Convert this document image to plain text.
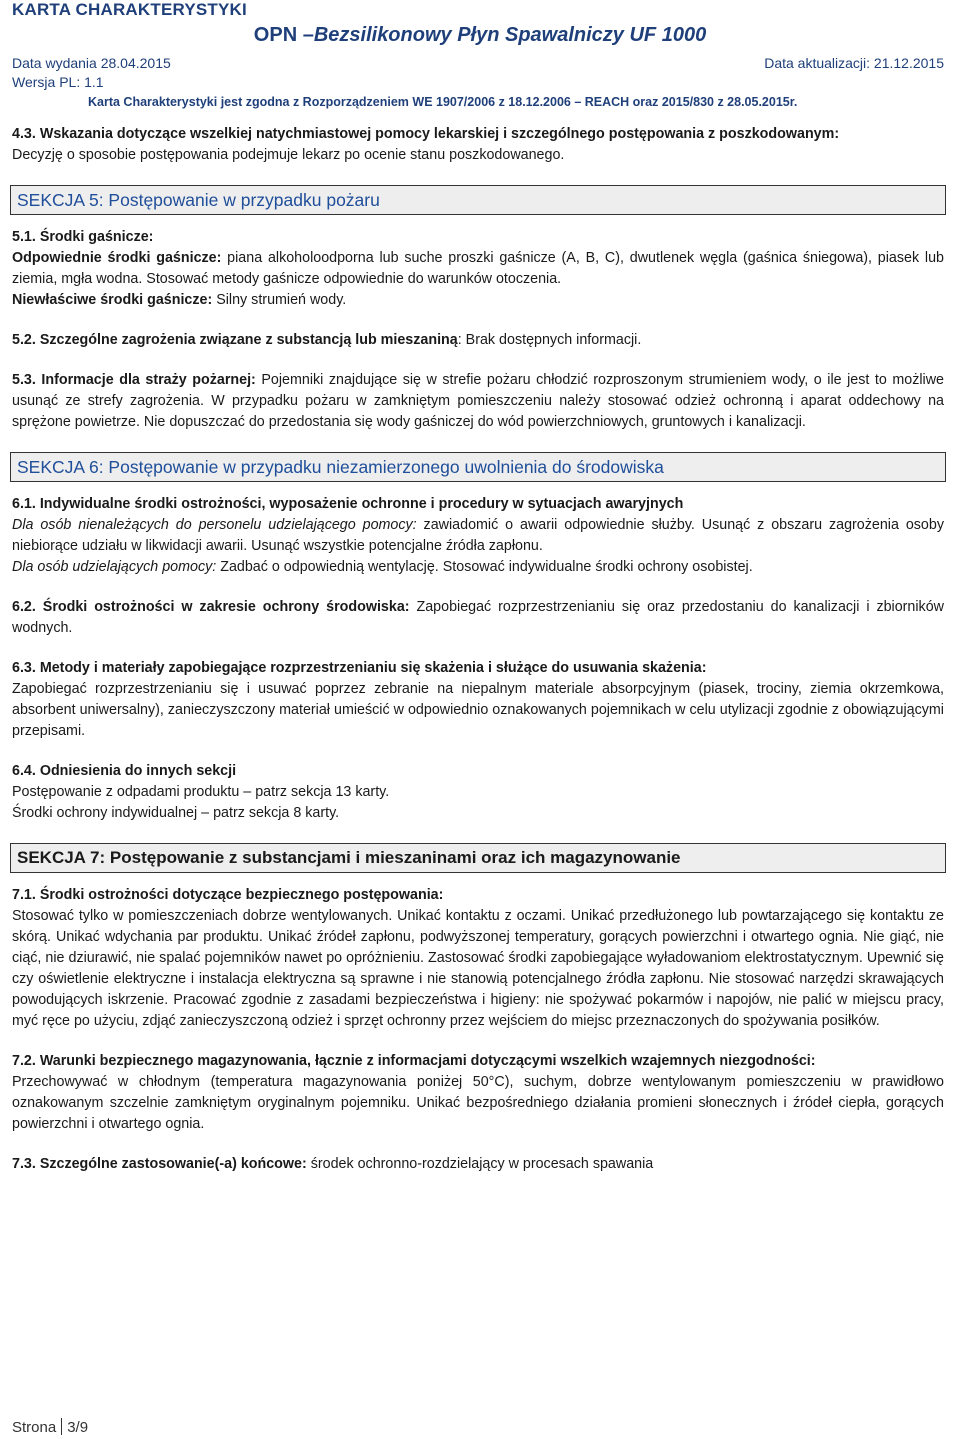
KARTA CHARAKTERYSTYKI
OPN –Bezsilikonowy Płyn Spawalniczy UF 1000
Data wydania 28.04.2015	Data aktualizacji: 21.12.2015
Wersja PL: 1.1
Karta Charakterystyki jest zgodna z Rozporządzeniem WE 1907/2006 z 18.12.2006 – REACH oraz 2015/830 z 28.05.2015r.

4.3. Wskazania dotyczące wszelkiej natychmiastowej pomocy lekarskiej i szczególnego postępowania z poszkodowanym:

Decyzję o sposobie postępowania podejmuje lekarz po ocenie stanu poszkodowanego.

SEKCJA 5: Postępowanie w przypadku pożaru

5.1. Środki gaśnicze:

Odpowiednie środki gaśnicze: piana alkoholoodporna lub suche proszki gaśnicze (A, B, C), dwutlenek węgla (gaśnica śniegowa), piasek lub ziemia, mgła wodna. Stosować metody gaśnicze odpowiednie do warunków otoczenia.

Niewłaściwe środki gaśnicze: Silny strumień wody.

5.2. Szczególne zagrożenia związane z substancją lub mieszaniną: Brak dostępnych informacji.

5.3. Informacje dla straży pożarnej: Pojemniki znajdujące się w strefie pożaru chłodzić rozproszonym strumieniem wody, o ile jest to możliwe usunąć ze strefy zagrożenia. W przypadku pożaru w zamkniętym pomieszczeniu należy stosować odzież ochronną i aparat oddechowy na sprężone powietrze. Nie dopuszczać do przedostania się wody gaśniczej do wód powierzchniowych, gruntowych i kanalizacji.

SEKCJA 6: Postępowanie w przypadku niezamierzonego uwolnienia do środowiska

6.1. Indywidualne środki ostrożności, wyposażenie ochronne i procedury w sytuacjach awaryjnych

Dla osób nienależących do personelu udzielającego pomocy: zawiadomić o awarii odpowiednie służby. Usunąć z obszaru zagrożenia osoby niebiorące udziału w likwidacji awarii. Usunąć wszystkie potencjalne źródła zapłonu.

Dla osób udzielających pomocy: Zadbać o odpowiednią wentylację. Stosować indywidualne środki ochrony osobistej.

6.2. Środki ostrożności w zakresie ochrony środowiska: Zapobiegać rozprzestrzenianiu się oraz przedostaniu do kanalizacji i zbiorników wodnych.

6.3. Metody i materiały zapobiegające rozprzestrzenianiu się skażenia i służące do usuwania skażenia:

Zapobiegać rozprzestrzenianiu się i usuwać poprzez zebranie na niepalnym materiale absorpcyjnym (piasek, trociny, ziemia okrzemkowa, absorbent uniwersalny), zanieczyszczony materiał umieścić w odpowiednio oznakowanych pojemnikach w celu utylizacji zgodnie z obowiązującymi przepisami.

6.4. Odniesienia do innych sekcji

Postępowanie z odpadami produktu – patrz sekcja 13 karty.

Środki ochrony indywidualnej – patrz sekcja 8 karty.

SEKCJA 7: Postępowanie z substancjami i mieszaninami oraz ich magazynowanie

7.1. Środki ostrożności dotyczące bezpiecznego postępowania:

Stosować tylko w pomieszczeniach dobrze wentylowanych. Unikać kontaktu z oczami. Unikać przedłużonego lub powtarzającego się kontaktu ze skórą. Unikać wdychania par produktu. Unikać źródeł zapłonu, podwyższonej temperatury, gorących powierzchni i otwartego ognia. Nie giąć, nie ciąć, nie dziurawić, nie spalać pojemników nawet po opróżnieniu. Zastosować środki zapobiegające wyładowaniom elektrostatycznym. Upewnić się czy oświetlenie elektryczne i instalacja elektryczna są sprawne i nie stanowią potencjalnego źródła zapłonu. Nie stosować narzędzi skrawających powodujących iskrzenie. Pracować zgodnie z zasadami bezpieczeństwa i higieny: nie spożywać pokarmów i napojów, nie palić w miejscu pracy, myć ręce po użyciu, zdjąć zanieczyszczoną odzież i sprzęt ochronny przez wejściem do miejsc przeznaczonych do spożywania posiłków.

7.2. Warunki bezpiecznego magazynowania, łącznie z informacjami dotyczącymi wszelkich wzajemnych niezgodności:

Przechowywać w chłodnym (temperatura magazynowania poniżej 50°C), suchym, dobrze wentylowanym pomieszczeniu w prawidłowo oznakowanym szczelnie zamkniętym oryginalnym pojemniku. Unikać bezpośredniego działania promieni słonecznych i źródeł ciepła, gorących powierzchni i otwartego ognia.

7.3. Szczególne zastosowanie(-a) końcowe: środek ochronno-rozdzielający w procesach spawania

Strona 3/9
